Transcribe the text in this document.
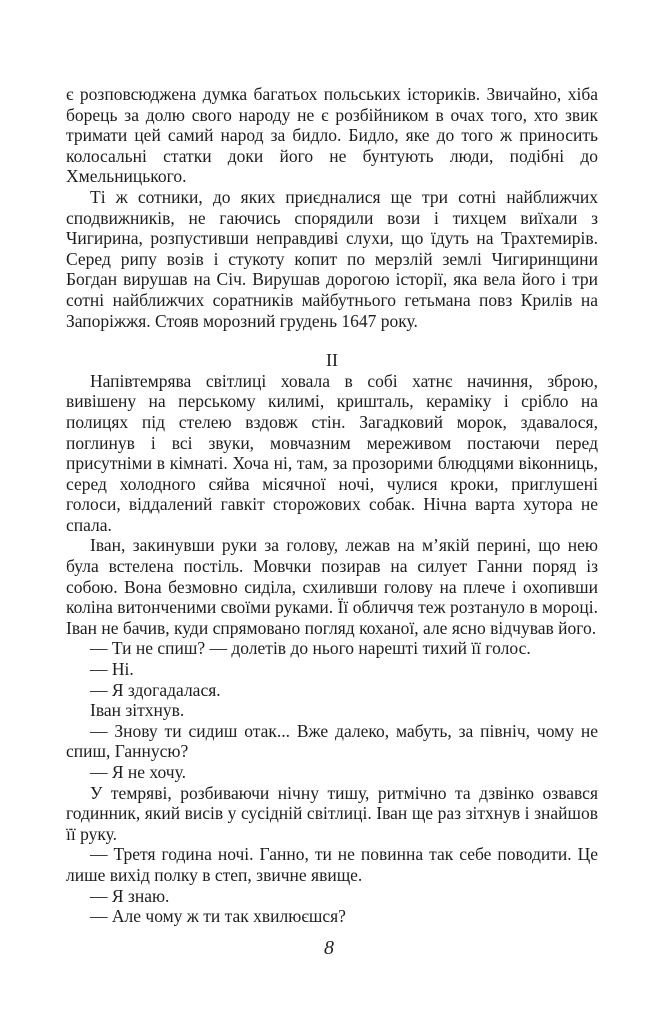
є розповсюджена думка багатьох польських істориків. Звичайно, хіба борець за долю свого народу не є розбійником в очах того, хто звик тримати цей самий народ за бидло. Бидло, яке до того ж приносить колосальні статки доки його не бунтують люди, подібні до Хмельницького.

Ті ж сотники, до яких приєдналися ще три сотні найближчих сподвижників, не гаючись спорядили вози і тихцем виїхали з Чигирина, розпустивши неправдиві слухи, що їдуть на Трахтемирів. Серед рипу возів і стукоту копит по мерзлій землі Чигиринщини Богдан вирушав на Січ. Вирушав дорогою історії, яка вела його і три сотні найближчих соратників майбутнього гетьмана повз Крилів на Запоріжжя. Стояв морозний грудень 1647 року.

ІІ

Напівтемрява світлиці ховала в собі хатнє начиння, зброю, вивішену на перському килимі, кришталь, кераміку і срібло на полицях під стелею вздовж стін. Загадковий морок, здавалося, поглинув і всі звуки, мовчазним мереживом постаючи перед присутніми в кімнаті. Хоча ні, там, за прозорими блюдцями віконниць, серед холодного сяйва місячної ночі, чулися кроки, приглушені голоси, віддалений гавкіт сторожових собак. Нічна варта хутора не спала.

Іван, закинувши руки за голову, лежав на м’якій перині, що нею була встелена постіль. Мовчки позирав на силует Ганни поряд із собою. Вона безмовно сиділа, схиливши голову на плече і охопивши коліна витонченими своїми руками. Її обличчя теж розтануло в мороці. Іван не бачив, куди спрямовано погляд коханої, але ясно відчував його.

— Ти не спиш? — долетів до нього нарешті тихий її голос.

— Ні.

— Я здогадалася.

Іван зітхнув.

— Знову ти сидиш отак... Вже далеко, мабуть, за північ, чому не спиш, Ганнусю?

— Я не хочу.

У темряві, розбиваючи нічну тишу, ритмічно та дзвінко озвався годинник, який висів у сусідній світлиці. Іван ще раз зітхнув і знайшов її руку.

— Третя година ночі. Ганно, ти не повинна так себе поводити. Це лише вихід полку в степ, звичне явище.

— Я знаю.

— Але чому ж ти так хвилюєшся?

8
